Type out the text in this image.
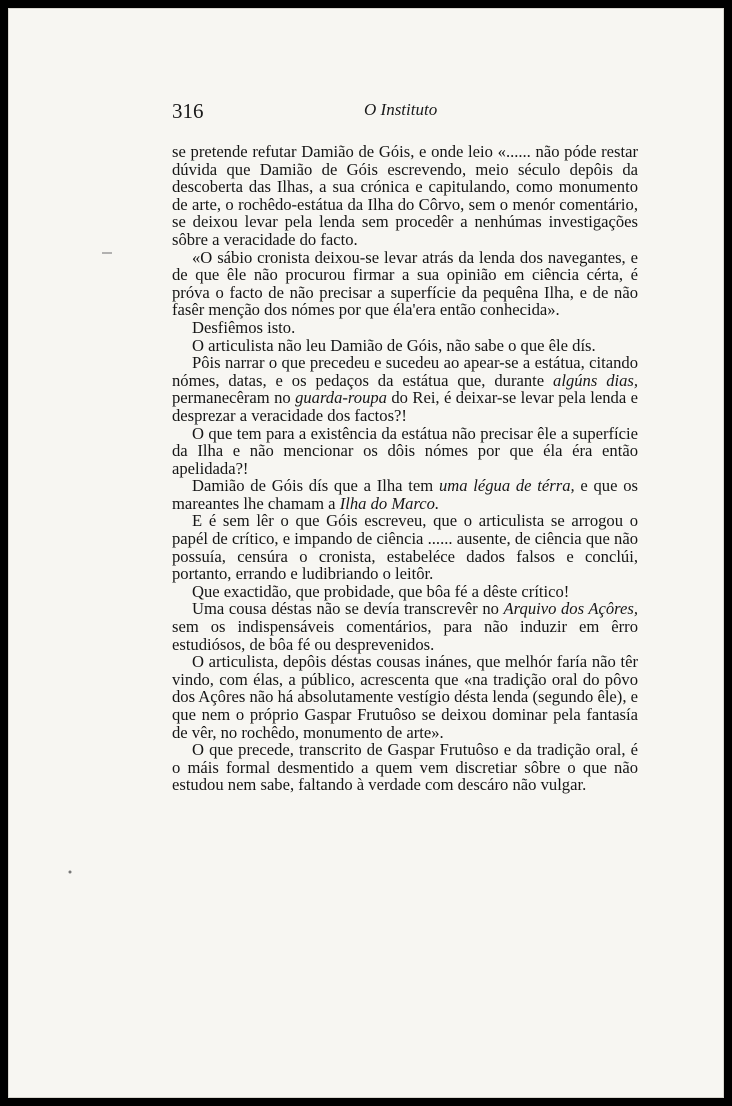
316	O Instituto

se pretende refutar Damião de Góis, e onde leio «...... não póde restar dúvida que Damião de Góis escrevendo, meio século depôis da descoberta das Ilhas, a sua crónica e capitulando, como monumento de arte, o rochêdo-estátua da Ilha do Côrvo, sem o menór comentário, se deixou levar pela lenda sem procedêr a nenhúmas investigações sôbre a veracidade do facto.

«O sábio cronista deixou-se levar atrás da lenda dos navegantes, e de que êle não procurou firmar a sua opinião em ciência cérta, é próva o facto de não precisar a superfície da pequêna Ilha, e de não fasêr menção dos nómes por que éla'era então conhecida».

Desfiêmos isto.

O articulista não leu Damião de Góis, não sabe o que êle dís.

Pôis narrar o que precedeu e sucedeu ao apear-se a estátua, citando nómes, datas, e os pedaços da estátua que, durante algúns dias, permanecêram no guarda-roupa do Rei, é deixar-se levar pela lenda e desprezar a veracidade dos factos?!

O que tem para a existência da estátua não precisar êle a superfície da Ilha e não mencionar os dôis nómes por que éla éra então apelidada?!

Damião de Góis dís que a Ilha tem uma légua de térra, e que os mareantes lhe chamam a Ilha do Marco.

E é sem lêr o que Góis escreveu, que o articulista se arrogou o papél de crítico, e impando de ciência ...... ausente, de ciência que não possuía, censúra o cronista, estabeléce dados falsos e conclúi, portanto, errando e ludibriando o leitôr.

Que exactidão, que probidade, que bôa fé a dêste crítico!

Uma cousa déstas não se devía transcrevêr no Arquivo dos Açôres, sem os indispensáveis comentários, para não induzir em êrro estudiósos, de bôa fé ou desprevenidos.

O articulista, depôis déstas cousas inánes, que melhór faría não têr vindo, com élas, a público, acrescenta que «na tradição oral do pôvo dos Açôres não há absolutamente vestígio désta lenda (segundo êle), e que nem o próprio Gaspar Frutuôso se deixou dominar pela fantasía de vêr, no rochêdo, monumento de arte».

O que precede, transcrito de Gaspar Frutuôso e da tradição oral, é o máis formal desmentido a quem vem discretiar sôbre o que não estudou nem sabe, faltando à verdade com descáro não vulgar.
